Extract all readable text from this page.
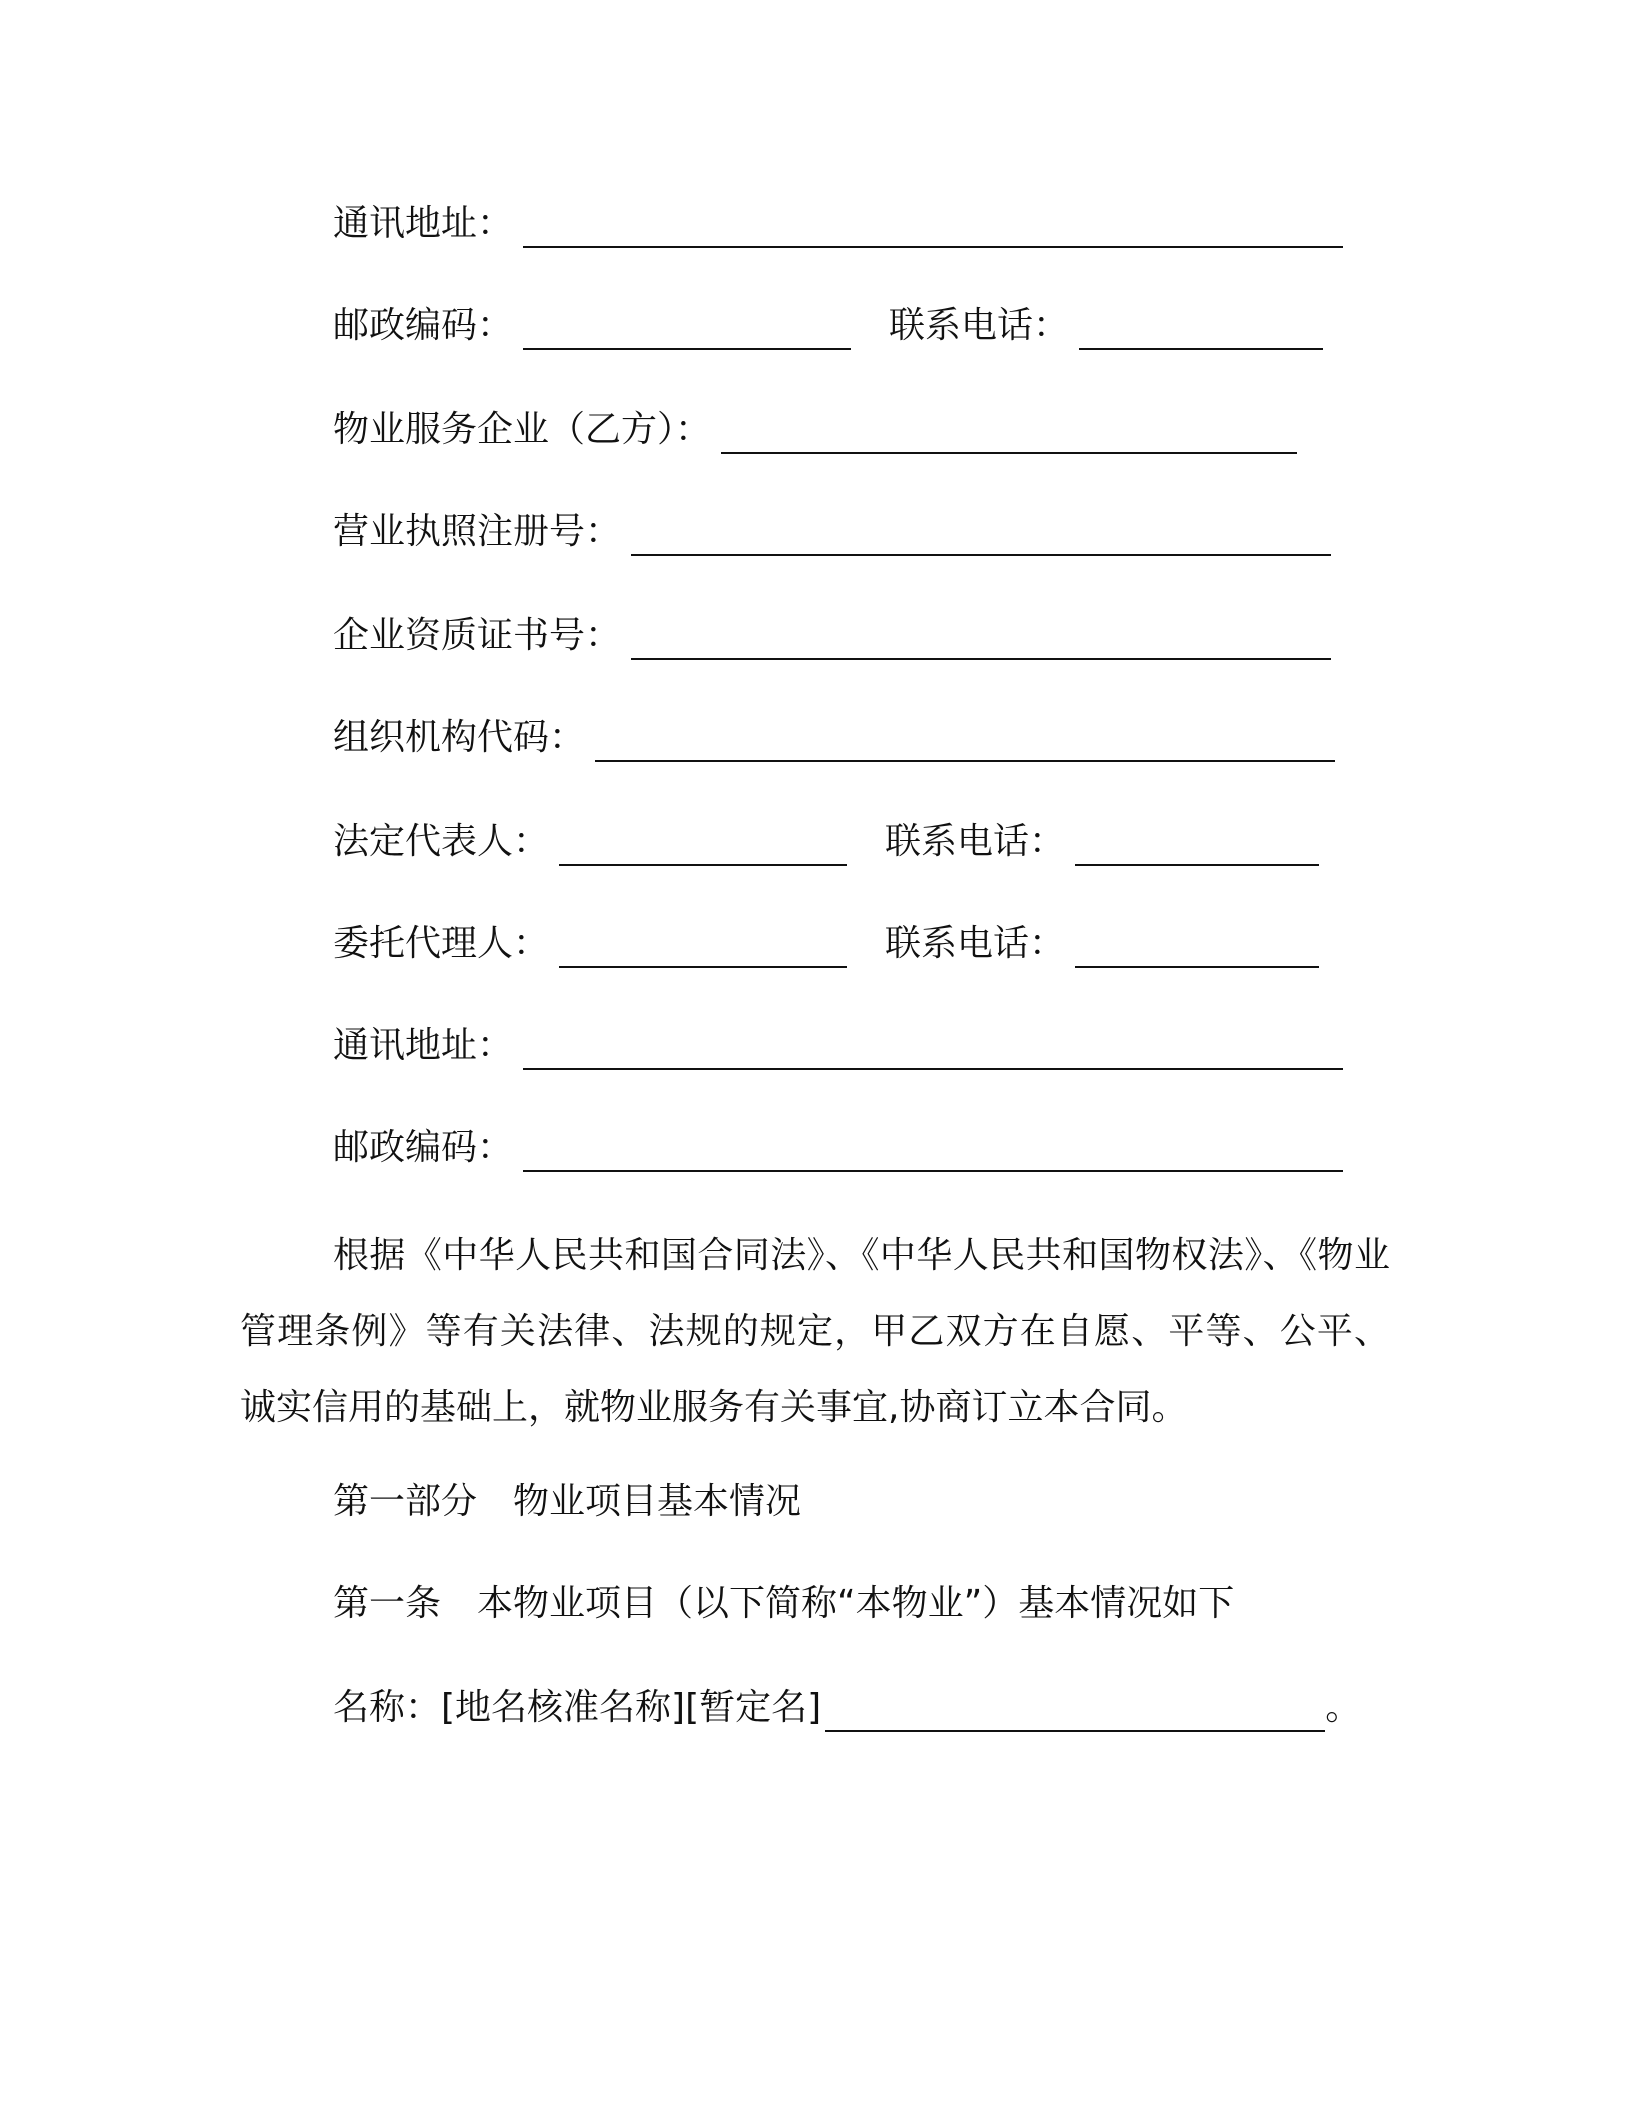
通讯地址：
邮政编码：	联系电话：
物业服务企业（乙方）：
营业执照注册号：
企业资质证书号：
组织机构代码：
法定代表人：	联系电话：
委托代理人：	联系电话：
通讯地址：
邮政编码：
根据《中华人民共和国合同法》、《中华人民共和国物权法》、《物业管理条例》等有关法律、法规的规定，甲乙双方在自愿、平等、公平、诚实信用的基础上，就物业服务有关事宜,协商订立本合同。
第一部分　物业项目基本情况
第一条　本物业项目（以下简称“本物业”）基本情况如下
名称：[地名核准名称][暂定名]	。
